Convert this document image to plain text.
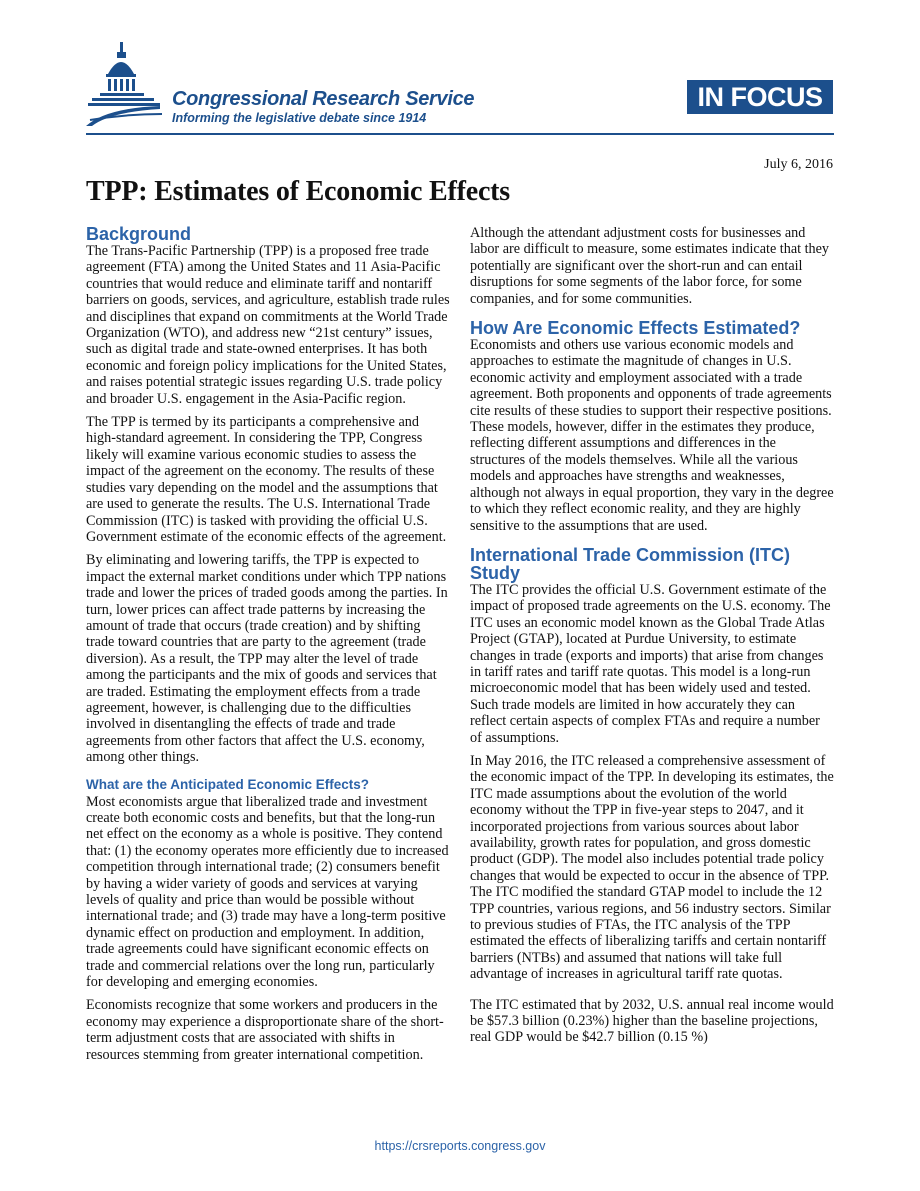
Congressional Research Service
Informing the legislative debate since 1914
IN FOCUS
July 6, 2016
TPP: Estimates of Economic Effects
Background

The Trans-Pacific Partnership (TPP) is a proposed free trade agreement (FTA) among the United States and 11 Asia-Pacific countries that would reduce and eliminate tariff and nontariff barriers on goods, services, and agriculture, establish trade rules and disciplines that expand on commitments at the World Trade Organization (WTO), and address new “21st century” issues, such as digital trade and state-owned enterprises. It has both economic and foreign policy implications for the United States, and raises potential strategic issues regarding U.S. trade policy and broader U.S. engagement in the Asia-Pacific region.

The TPP is termed by its participants a comprehensive and high-standard agreement. In considering the TPP, Congress likely will examine various economic studies to assess the impact of the agreement on the economy. The results of these studies vary depending on the model and the assumptions that are used to generate the results. The U.S. International Trade Commission (ITC) is tasked with providing the official U.S. Government estimate of the economic effects of the agreement.

By eliminating and lowering tariffs, the TPP is expected to impact the external market conditions under which TPP nations trade and lower the prices of traded goods among the parties. In turn, lower prices can affect trade patterns by increasing the amount of trade that occurs (trade creation) and by shifting trade toward countries that are party to the agreement (trade diversion). As a result, the TPP may alter the level of trade among the participants and the mix of goods and services that are traded. Estimating the employment effects from a trade agreement, however, is challenging due to the difficulties involved in disentangling the effects of trade and trade agreements from other factors that affect the U.S. economy, among other things.

What are the Anticipated Economic Effects?

Most economists argue that liberalized trade and investment create both economic costs and benefits, but that the long-run net effect on the economy as a whole is positive. They contend that: (1) the economy operates more efficiently due to increased competition through international trade; (2) consumers benefit by having a wider variety of goods and services at varying levels of quality and price than would be possible without international trade; and (3) trade may have a long-term positive dynamic effect on production and employment. In addition, trade agreements could have significant economic effects on trade and commercial relations over the long run, particularly for developing and emerging economies.

Economists recognize that some workers and producers in the economy may experience a disproportionate share of the short-term adjustment costs that are associated with shifts in resources stemming from greater international competition.

Although the attendant adjustment costs for businesses and labor are difficult to measure, some estimates indicate that they potentially are significant over the short-run and can entail disruptions for some segments of the labor force, for some companies, and for some communities.

How Are Economic Effects Estimated?

Economists and others use various economic models and approaches to estimate the magnitude of changes in U.S. economic activity and employment associated with a trade agreement. Both proponents and opponents of trade agreements cite results of these studies to support their respective positions. These models, however, differ in the estimates they produce, reflecting different assumptions and differences in the structures of the models themselves. While all the various models and approaches have strengths and weaknesses, although not always in equal proportion, they vary in the degree to which they reflect economic reality, and they are highly sensitive to the assumptions that are used.

International Trade Commission (ITC) Study

The ITC provides the official U.S. Government estimate of the impact of proposed trade agreements on the U.S. economy. The ITC uses an economic model known as the Global Trade Atlas Project (GTAP), located at Purdue University, to estimate changes in trade (exports and imports) that arise from changes in tariff rates and tariff rate quotas. This model is a long-run microeconomic model that has been widely used and tested. Such trade models are limited in how accurately they can reflect certain aspects of complex FTAs and require a number of assumptions.

In May 2016, the ITC released a comprehensive assessment of the economic impact of the TPP. In developing its estimates, the ITC made assumptions about the evolution of the world economy without the TPP in five-year steps to 2047, and it incorporated projections from various sources about labor availability, growth rates for population, and gross domestic product (GDP). The model also includes potential trade policy changes that would be expected to occur in the absence of TPP. The ITC modified the standard GTAP model to include the 12 TPP countries, various regions, and 56 industry sectors. Similar to previous studies of FTAs, the ITC analysis of the TPP estimated the effects of liberalizing tariffs and certain nontariff barriers (NTBs) and assumed that nations will take full advantage of increases in agricultural tariff rate quotas.

The ITC estimated that by 2032, U.S. annual real income would be $57.3 billion (0.23%) higher than the baseline projections, real GDP would be $42.7 billion (0.15 %)

https://crsreports.congress.gov
